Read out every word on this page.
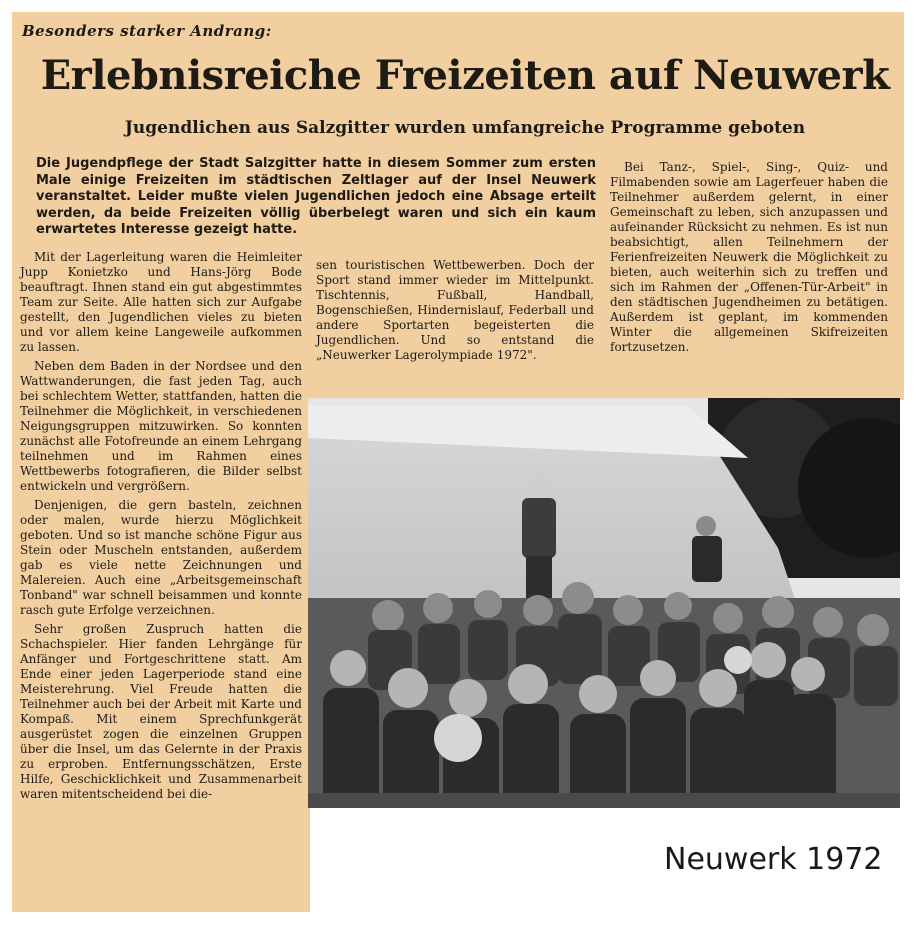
Besonders starker Andrang:
Erlebnisreiche Freizeiten auf Neuwerk
Jugendlichen aus Salzgitter wurden umfangreiche Programme geboten
Die Jugendpflege der Stadt Salzgitter hatte in diesem Sommer zum ersten Male einige Freizeiten im städtischen Zeltlager auf der Insel Neuwerk veranstaltet. Leider mußte vielen Jugendlichen jedoch eine Absage erteilt werden, da beide Freizeiten völlig überbelegt waren und sich ein kaum erwartetes Interesse gezeigt hatte.

Mit der Lagerleitung waren die Heimleiter Jupp Konietzko und Hans-Jörg Bode beauftragt. Ihnen stand ein gut abgestimmtes Team zur Seite. Alle hatten sich zur Aufgabe gestellt, den Jugendlichen vieles zu bieten und vor allem keine Langeweile aufkommen zu lassen.

Neben dem Baden in der Nordsee und den Wattwanderungen, die fast jeden Tag, auch bei schlechtem Wetter, stattfanden, hatten die Teilnehmer die Möglichkeit, in verschiedenen Neigungsgruppen mitzuwirken. So konnten zunächst alle Fotofreunde an einem Lehrgang teilnehmen und im Rahmen eines Wettbewerbs fotografieren, die Bilder selbst entwickeln und vergrößern.

Denjenigen, die gern basteln, zeichnen oder malen, wurde hierzu Möglichkeit geboten. Und so ist manche schöne Figur aus Stein oder Muscheln entstanden, außerdem gab es viele nette Zeichnungen und Malereien. Auch eine „Arbeitsgemeinschaft Tonband" war schnell beisammen und konnte rasch gute Erfolge verzeichnen.

Sehr großen Zuspruch hatten die Schachspieler. Hier fanden Lehrgänge für Anfänger und Fortgeschrittene statt. Am Ende einer jeden Lagerperiode stand eine Meisterehrung. Viel Freude hatten die Teilnehmer auch bei der Arbeit mit Karte und Kompaß. Mit einem Sprechfunkgerät ausgerüstet zogen die einzelnen Gruppen über die Insel, um das Gelernte in der Praxis zu erproben. Entfernungsschätzen, Erste Hilfe, Geschicklichkeit und Zusammenarbeit waren mitentscheidend bei die-

sen touristischen Wettbewerben. Doch der Sport stand immer wieder im Mittelpunkt. Tischtennis, Fußball, Handball, Bogenschießen, Hindernislauf, Federball und andere Sportarten begeisterten die Jugendlichen. Und so entstand die „Neuwerker Lagerolympiade 1972".

Bei Tanz-, Spiel-, Sing-, Quiz- und Filmabenden sowie am Lagerfeuer haben die Teilnehmer außerdem gelernt, in einer Gemeinschaft zu leben, sich anzupassen und aufeinander Rücksicht zu nehmen. Es ist nun beabsichtigt, allen Teilnehmern der Ferienfreizeiten Neuwerk die Möglichkeit zu bieten, auch weiterhin sich zu treffen und sich im Rahmen der „Offenen-Tür-Arbeit" in den städtischen Jugendheimen zu betätigen. Außerdem ist geplant, im kommenden Winter die allgemeinen Skifreizeiten fortzusetzen.

Neuwerk 1972
